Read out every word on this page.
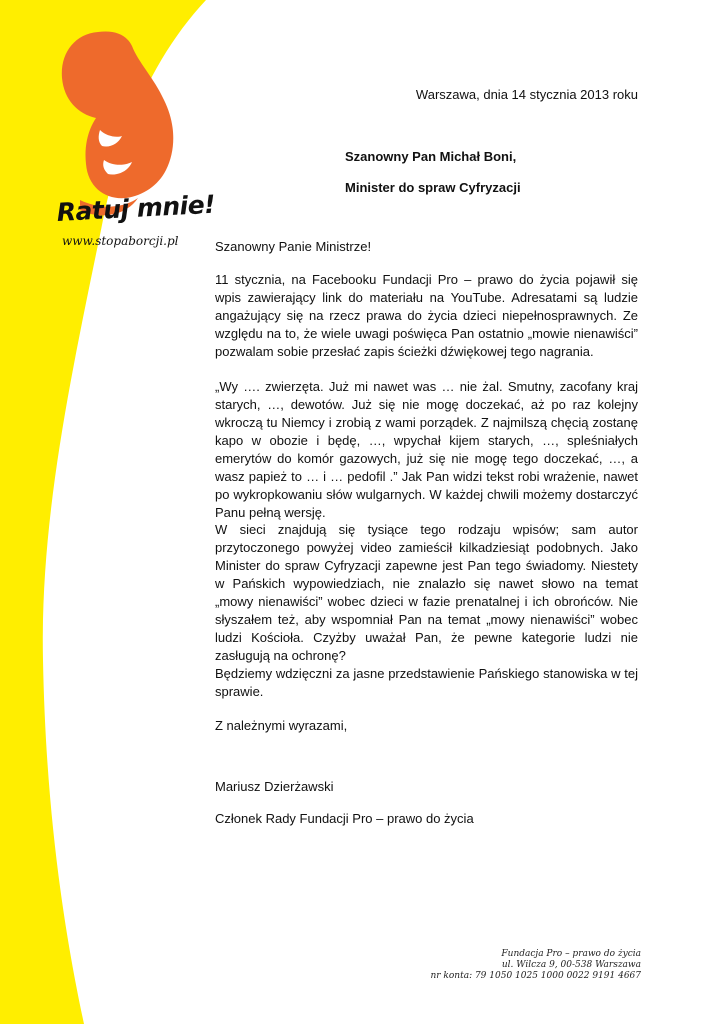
Ratuj mnie!
www.stopaborcji.pl
Warszawa, dnia 14 stycznia 2013 roku
Szanowny Pan Michał Boni,
Minister do spraw Cyfryzacji
Szanowny Panie Ministrze!

11 stycznia, na Facebooku Fundacji Pro – prawo do życia pojawił się wpis zawierający link do materiału na YouTube. Adresatami są ludzie angażujący się na rzecz prawa do życia dzieci niepełnosprawnych. Ze względu na to, że wiele uwagi poświęca Pan ostatnio „mowie nienawiści” pozwalam sobie przesłać zapis ścieżki dźwiękowej tego nagrania.

„Wy …. zwierzęta. Już mi nawet was … nie żal. Smutny, zacofany kraj starych, …, dewotów. Już się nie mogę doczekać, aż po raz kolejny wkroczą tu Niemcy i zrobią z wami porządek. Z najmilszą chęcią zostanę kapo w obozie i będę, …, wpychał kijem starych, …, spleśniałych emerytów do komór gazowych, już się nie mogę tego doczekać, …, a wasz papież to … i … pedofil .” Jak Pan widzi tekst robi wrażenie, nawet po wykropkowaniu słów wulgarnych. W każdej chwili możemy dostarczyć Panu pełną wersję.

W sieci znajdują się tysiące tego rodzaju wpisów; sam autor przytoczonego powyżej video zamieścił kilkadziesiąt podobnych. Jako Minister do spraw Cyfryzacji zapewne jest Pan tego świadomy. Niestety w Pańskich wypowiedziach, nie znalazło się nawet słowo na temat „mowy nienawiści” wobec dzieci w fazie prenatalnej i ich obrońców. Nie słyszałem też, aby wspomniał Pan na temat „mowy nienawiści” wobec ludzi Kościoła. Czyżby uważał Pan, że pewne kategorie ludzi nie zasługują na ochronę?

Będziemy wdzięczni za jasne przedstawienie Pańskiego stanowiska w tej sprawie.

Z należnymi wyrazami,
Mariusz Dzierżawski
Członek Rady Fundacji Pro – prawo do życia
Fundacja Pro – prawo do życia
ul. Wilcza 9, 00-538 Warszawa
nr konta: 79 1050 1025 1000 0022 9191 4667
